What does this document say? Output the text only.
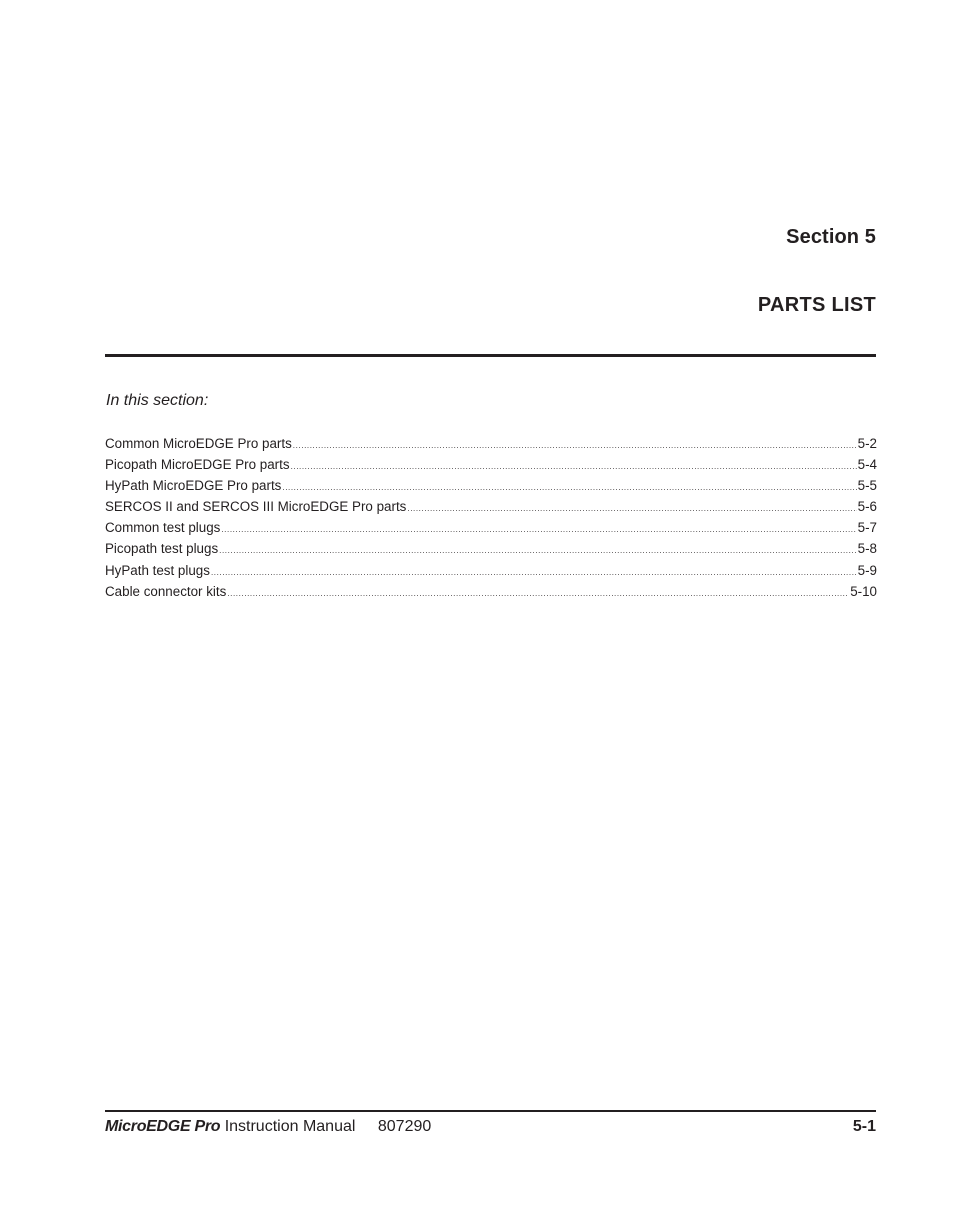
Section 5
PARTS LIST
In this section:
Common MicroEDGE Pro parts .....	5-2
Picopath MicroEDGE Pro parts .....	5-4
HyPath MicroEDGE Pro parts .....	5-5
SERCOS II and SERCOS III MicroEDGE Pro parts .....	5-6
Common test plugs .....	5-7
Picopath test plugs .....	5-8
HyPath test plugs .....	5-9
Cable connector kits .....	5-10
MicroEDGE Pro Instruction Manual 807290	5-1
